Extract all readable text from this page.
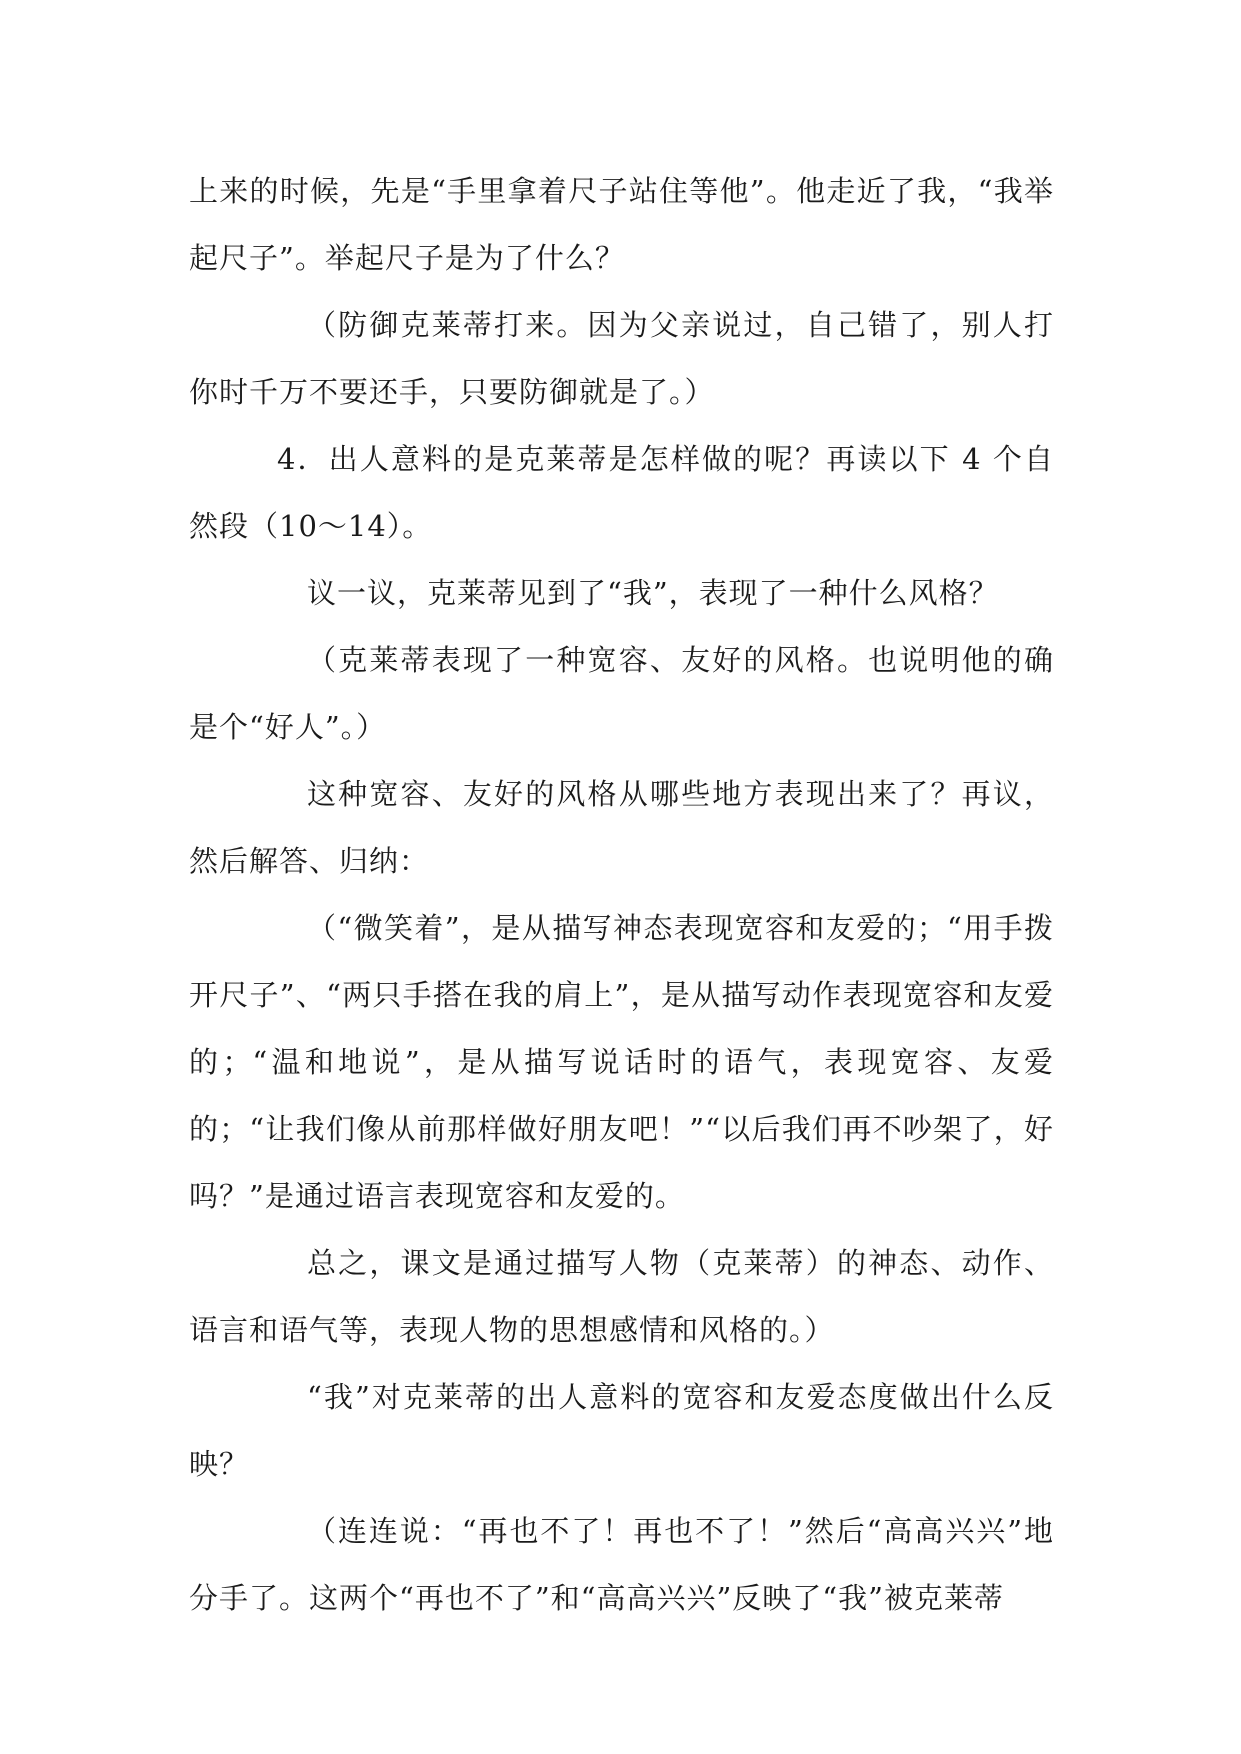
上来的时候，先是“手里拿着尺子站住等他”。他走近了我，“我举起尺子”。举起尺子是为了什么？

（防御克莱蒂打来。因为父亲说过，自己错了，别人打你时千万不要还手，只要防御就是了。）

4．出人意料的是克莱蒂是怎样做的呢？再读以下 4 个自然段（10～14）。

议一议，克莱蒂见到了“我”，表现了一种什么风格？

（克莱蒂表现了一种宽容、友好的风格。也说明他的确是个“好人”。）

这种宽容、友好的风格从哪些地方表现出来了？再议，然后解答、归纳：

（“微笑着”，是从描写神态表现宽容和友爱的；“用手拨开尺子”、“两只手搭在我的肩上”，是从描写动作表现宽容和友爱的；“温和地说”，是从描写说话时的语气，表现宽容、友爱的；“让我们像从前那样做好朋友吧！”“以后我们再不吵架了，好吗？”是通过语言表现宽容和友爱的。

总之，课文是通过描写人物（克莱蒂）的神态、动作、语言和语气等，表现人物的思想感情和风格的。）

“我”对克莱蒂的出人意料的宽容和友爱态度做出什么反映？

（连连说：“再也不了！再也不了！”然后“高高兴兴”地分手了。这两个“再也不了”和“高高兴兴”反映了“我”被克莱蒂
